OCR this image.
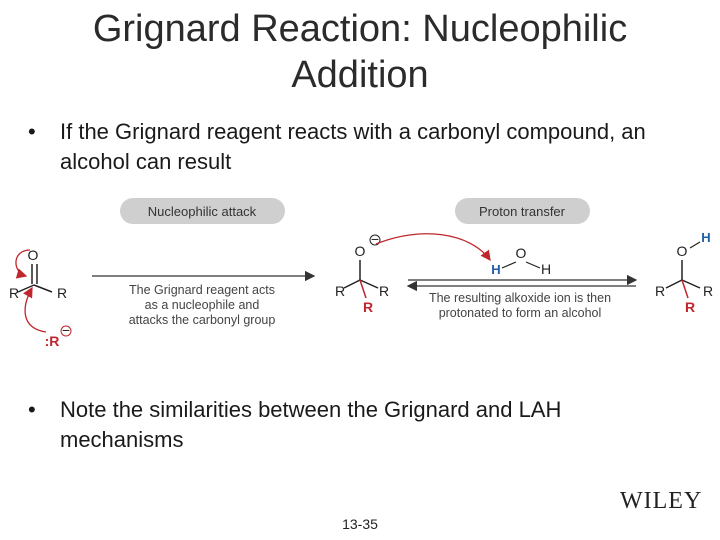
Grignard Reaction: Nucleophilic Addition
• If the Grignard reagent reacts with a carbonyl compound, an alcohol can result
Nucleophilic attack	Proton transfer
O
R	R
:R
−
The Grignard reagent acts
as a nucleophile and
attacks the carbonyl group
O
−
R R
R
H
O
H
The resulting alkoxide ion is then
protonated to form an alcohol
O
H
R	R
R
• Note the similarities between the Grignard and LAH mechanisms
WILEY
13-35
